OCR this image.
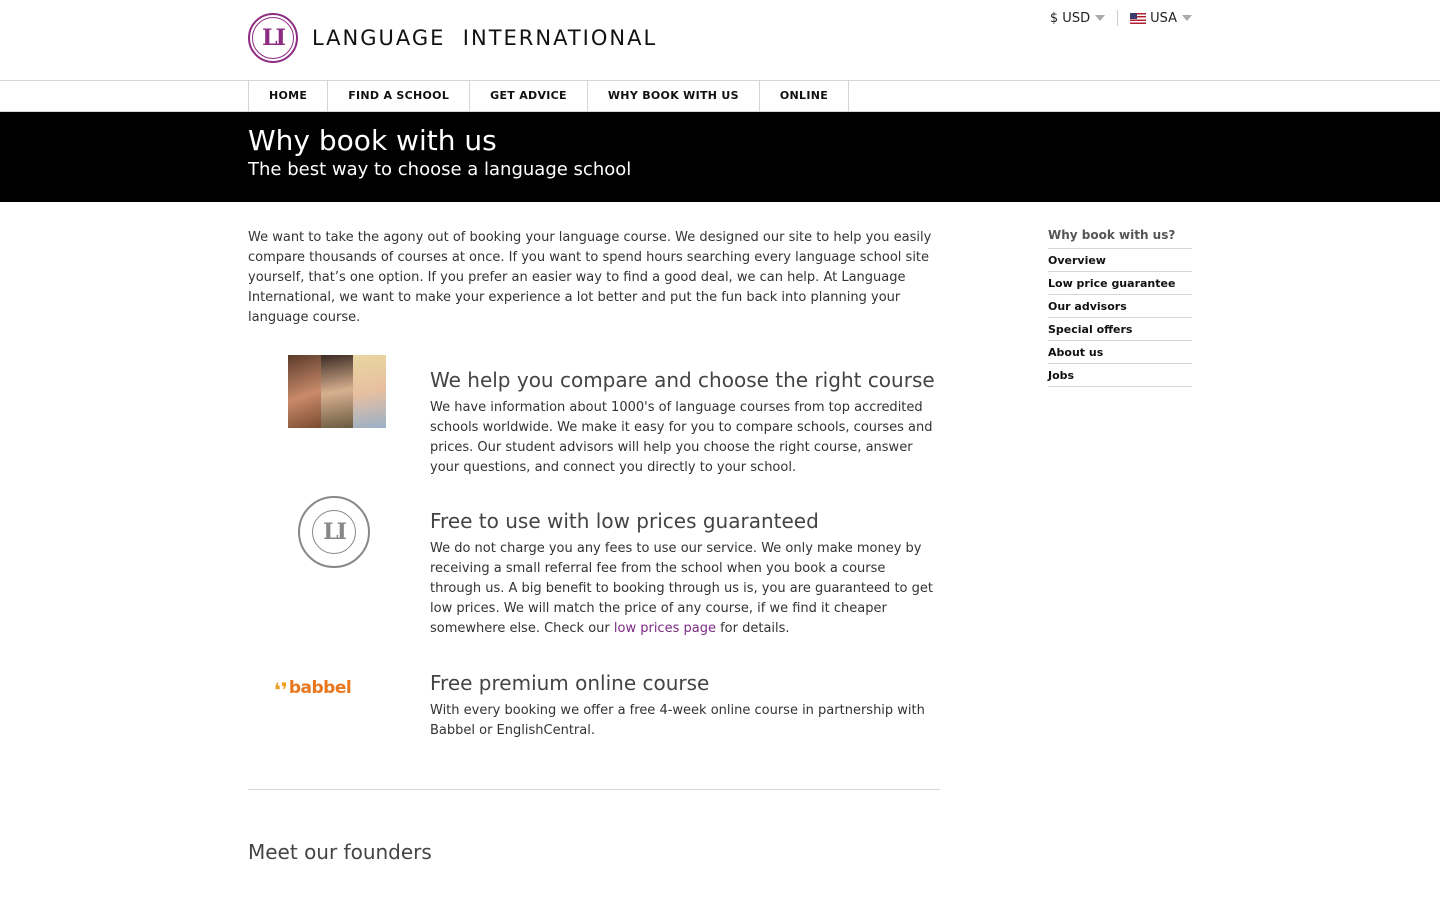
LI	LANGUAGE  INTERNATIONAL
$ USD	USA
HOME	FIND A SCHOOL	GET ADVICE	WHY BOOK WITH US	ONLINE
Why book with us
The best way to choose a language school

We want to take the agony out of booking your language course. We designed our site to help you easily compare thousands of courses at once. If you want to spend hours searching every language school site yourself, that’s one option. If you prefer an easier way to find a good deal, we can help. At Language International, we want to make your experience a lot better and put the fun back into planning your language course.

We help you compare and choose the right course

We have information about 1000's of language courses from top accredited schools worldwide. We make it easy for you to compare schools, courses and prices. Our student advisors will help you choose the right course, answer your questions, and connect you directly to your school.

LI	Free to use with low prices guaranteed

We do not charge you any fees to use our service. We only make money by receiving a small referral fee from the school when you book a course through us. A big benefit to booking through us is, you are guaranteed to get low prices. We will match the price of any course, if we find it cheaper somewhere else. Check our low prices page for details.

❛❜ babbel	Free premium online course

With every booking we offer a free 4-week online course in partnership with Babbel or EnglishCentral.

Meet our founders
Why book with us?
Overview
Low price guarantee
Our advisors
Special offers
About us
Jobs
